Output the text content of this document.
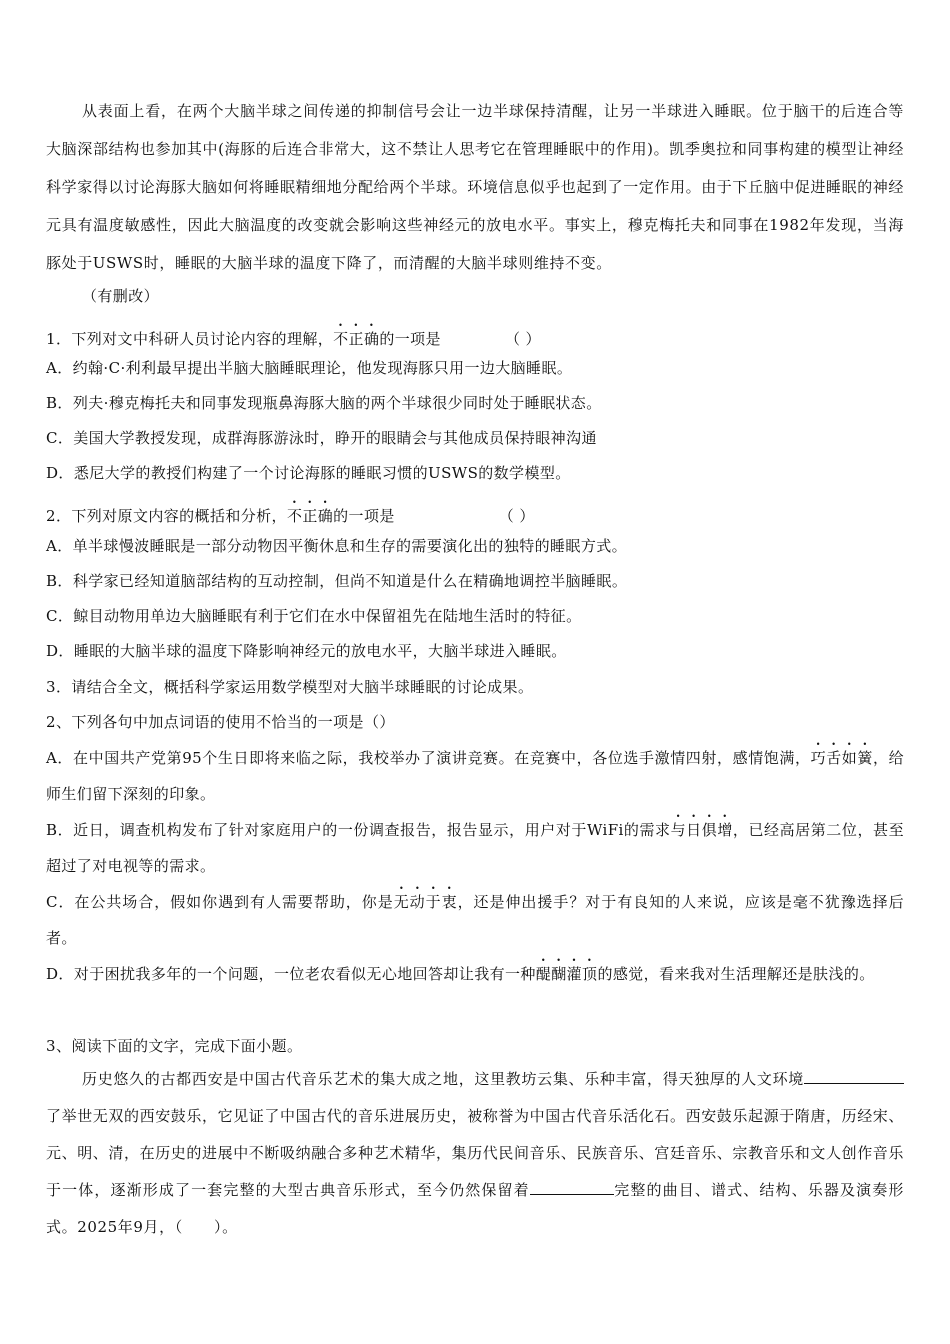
从表面上看，在两个大脑半球之间传递的抑制信号会让一边半球保持清醒，让另一半球进入睡眠。位于脑干的后连合等大脑深部结构也参加其中(海豚的后连合非常大，这不禁让人思考它在管理睡眠中的作用)。凯季奥拉和同事构建的模型让神经科学家得以讨论海豚大脑如何将睡眠精细地分配给两个半球。环境信息似乎也起到了一定作用。由于下丘脑中促进睡眠的神经元具有温度敏感性，因此大脑温度的改变就会影响这些神经元的放电水平。事实上，穆克梅托夫和同事在1982年发现，当海豚处于USWS时，睡眠的大脑半球的温度下降了，而清醒的大脑半球则维持不变。
（有删改）
1．下列对文中科研人员讨论内容的理解，不正确的一项是	（ ）
A．约翰·C·利利最早提出半脑大脑睡眠理论，他发现海豚只用一边大脑睡眠。
B．列夫·穆克梅托夫和同事发现瓶鼻海豚大脑的两个半球很少同时处于睡眠状态。
C．美国大学教授发现，成群海豚游泳时，睁开的眼睛会与其他成员保持眼神沟通
D．悉尼大学的教授们构建了一个讨论海豚的睡眠习惯的USWS的数学模型。
2．下列对原文内容的概括和分析，不正确的一项是	（ ）
A．单半球慢波睡眠是一部分动物因平衡休息和生存的需要演化出的独特的睡眠方式。
B．科学家已经知道脑部结构的互动控制，但尚不知道是什么在精确地调控半脑睡眠。
C．鲸目动物用单边大脑睡眠有利于它们在水中保留祖先在陆地生活时的特征。
D．睡眠的大脑半球的温度下降影响神经元的放电水平，大脑半球进入睡眠。
3．请结合全文，概括科学家运用数学模型对大脑半球睡眠的讨论成果。
2、下列各句中加点词语的使用不恰当的一项是（）
A．在中国共产党第95个生日即将来临之际，我校举办了演讲竞赛。在竞赛中，各位选手激情四射，感情饱满，巧舌如簧，给师生们留下深刻的印象。
B．近日，调查机构发布了针对家庭用户的一份调查报告，报告显示，用户对于WiFi的需求与日俱增，已经高居第二位，甚至超过了对电视等的需求。
C．在公共场合，假如你遇到有人需要帮助，你是无动于衷，还是伸出援手？对于有良知的人来说，应该是毫不犹豫选择后者。
D．对于困扰我多年的一个问题，一位老农看似无心地回答却让我有一种醍醐灌顶的感觉，看来我对生活理解还是肤浅的。
3、阅读下面的文字，完成下面小题。
历史悠久的古都西安是中国古代音乐艺术的集大成之地，这里教坊云集、乐种丰富，得天独厚的人文环境了举世无双的西安鼓乐，它见证了中国古代的音乐进展历史，被称誉为中国古代音乐活化石。西安鼓乐起源于隋唐，历经宋、元、明、清，在历史的进展中不断吸纳融合多种艺术精华，集历代民间音乐、民族音乐、宫廷音乐、宗教音乐和文人创作音乐于一体，逐渐形成了一套完整的大型古典音乐形式，至今仍然保留着	完整的曲目、谱式、结构、乐器及演奏形式。2025年9月，（　　）。
